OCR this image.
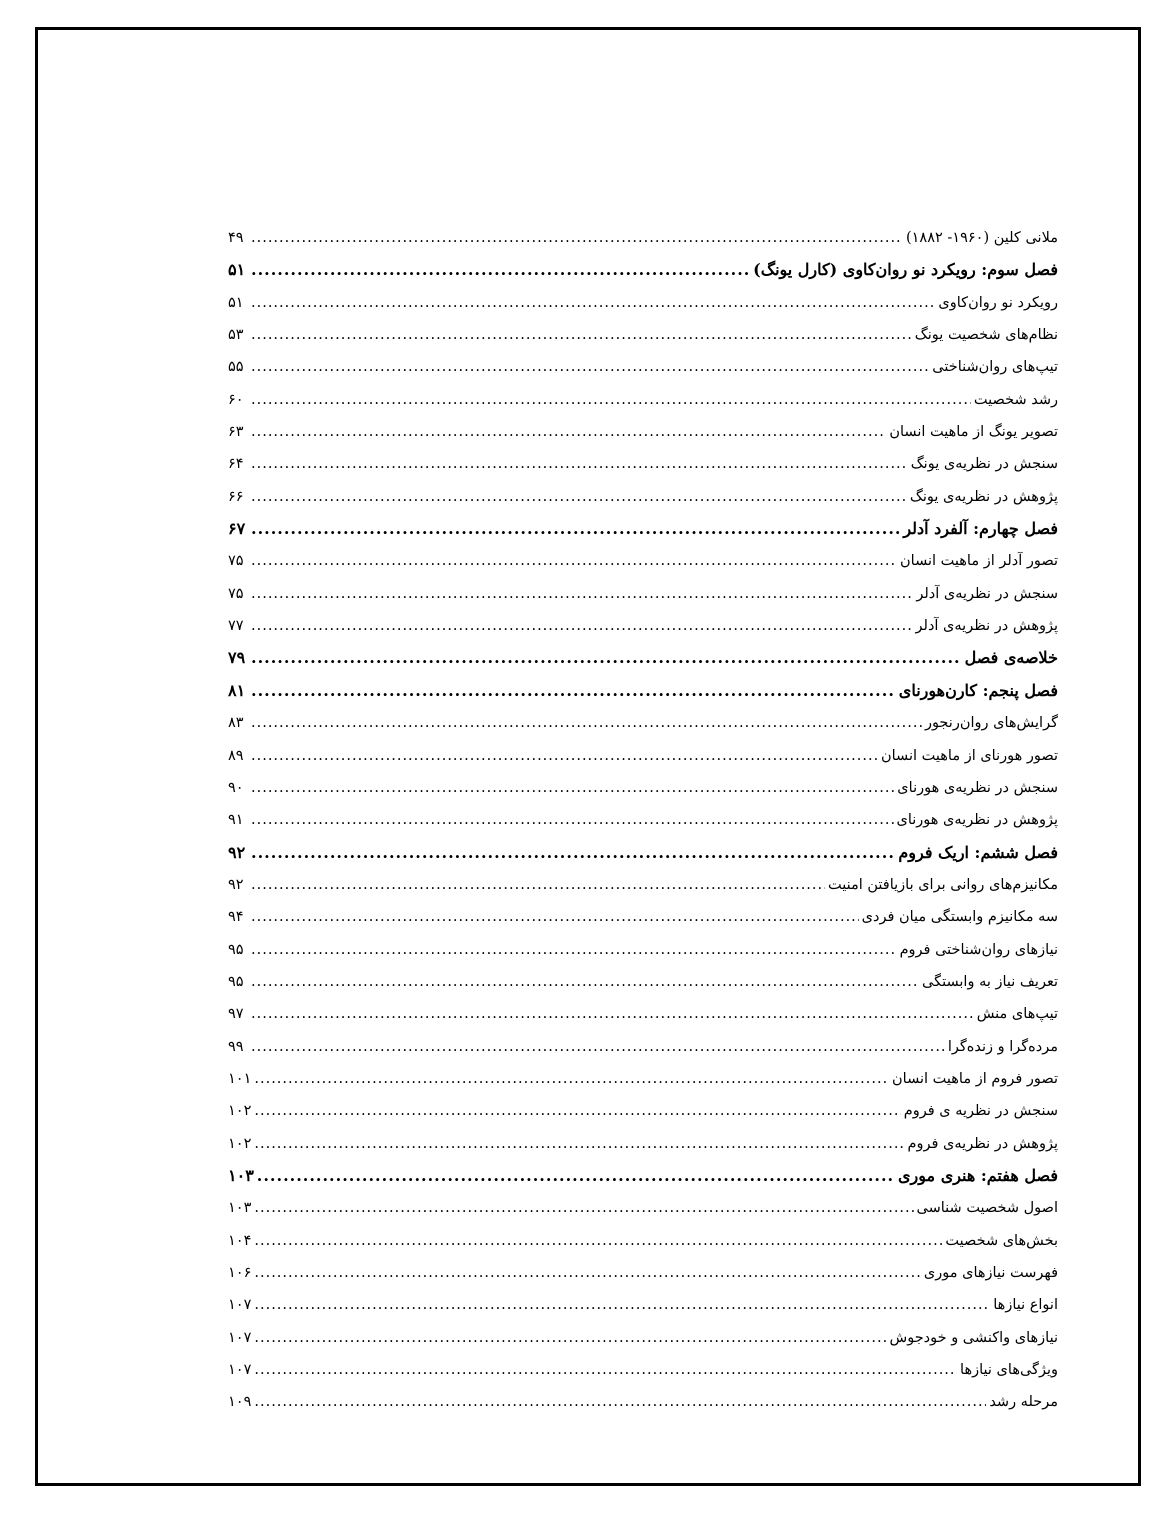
ملانی کلین (۱۹۶۰- ۱۸۸۲)
.....
۴۹
فصل سوم: رویکرد نو روان‌کاوی (کارل یونگ)
.....
۵۱
رویکرد نو روان‌کاوی
.....
۵۱
نظام‌های شخصیت یونگ
.....
۵۳
تیپ‌های روان‌شناختی
.....
۵۵
رشد شخصیت
.....
۶۰
تصویر یونگ از ماهیت انسان
.....
۶۳
سنجش در نظریه‌ی یونگ
.....
۶۴
پژوهش در نظریه‌ی یونگ
.....
۶۶
فصل چهارم: آلفرد آدلر
.....
۶۷
تصور آدلر از ماهیت انسان
.....
۷۵
سنجش در نظریه‌ی آدلر
.....
۷۵
پژوهش در نظریه‌ی آدلر
.....
۷۷
خلاصه‌ی فصل
.....
۷۹
فصل پنجم: کارن‌هورنای
.....
۸۱
گرایش‌های روان‌رنجور
.....
۸۳
تصور هورنای از ماهیت انسان
.....
۸۹
سنجش در نظریه‌ی هورنای
.....
۹۰
پژوهش در نظریه‌ی هورنای
.....
۹۱
فصل ششم: اریک فروم
.....
۹۲
مکانیزم‌های روانی برای بازیافتن امنیت
.....
۹۲
سه مکانیزم وابستگی میان فردی
.....
۹۴
نیازهای روان‌شناختی فروم
.....
۹۵
تعریف نیاز به وابستگی
.....
۹۵
تیپ‌های منش
.....
۹۷
مرده‌گرا و زنده‌گرا
.....
۹۹
تصور فروم از ماهیت انسان
.....
۱۰۱
سنجش در نظریه ی فروم
.....
۱۰۲
پژوهش در نظریه‌ی فروم
.....
۱۰۲
فصل هفتم: هنری موری
.....
۱۰۳
اصول شخصیت شناسی
.....
۱۰۳
بخش‌های شخصیت
.....
۱۰۴
فهرست نیازهای موری
.....
۱۰۶
انواع نیازها
.....
۱۰۷
نیازهای واکنشی و خودجوش
.....
۱۰۷
ویژگی‌های نیازها
.....
۱۰۷
مرحله رشد
.....
۱۰۹
